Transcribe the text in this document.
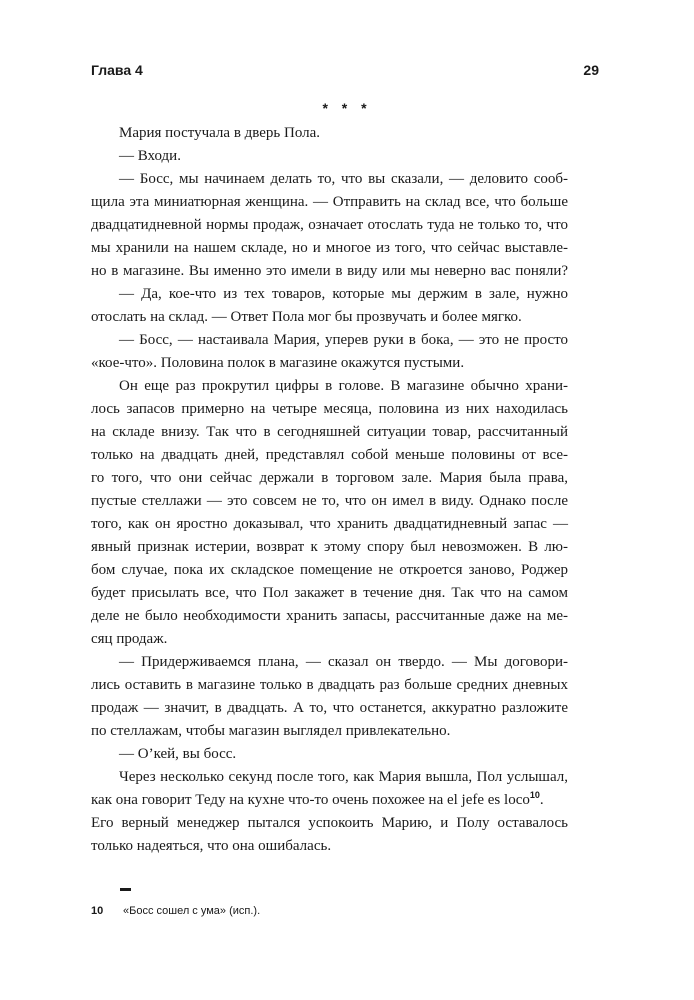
Глава 4	29
* * *
Мария постучала в дверь Пола.
— Входи.
— Босс, мы начинаем делать то, что вы сказали, — деловито сооб-
щила эта миниатюрная женщина. — Отправить на склад все, что больше
двадцатидневной нормы продаж, означает отослать туда не только то, что
мы хранили на нашем складе, но и многое из того, что сейчас выставле-
но в магазине. Вы именно это имели в виду или мы неверно вас поняли?
— Да, кое-что из тех товаров, которые мы держим в зале, нужно
отослать на склад. — Ответ Пола мог бы прозвучать и более мягко.
— Босс, — настаивала Мария, уперев руки в бока, — это не просто
«кое-что». Половина полок в магазине окажутся пустыми.
Он еще раз прокрутил цифры в голове. В магазине обычно храни-
лось запасов примерно на четыре месяца, половина из них находилась
на складе внизу. Так что в сегодняшней ситуации товар, рассчитанный
только на двадцать дней, представлял собой меньше половины от все-
го того, что они сейчас держали в торговом зале. Мария была права,
пустые стеллажи — это совсем не то, что он имел в виду. Однако после
того, как он яростно доказывал, что хранить двадцатидневный запас —
явный признак истерии, возврат к этому спору был невозможен. В лю-
бом случае, пока их складское помещение не откроется заново, Роджер
будет присылать все, что Пол закажет в течение дня. Так что на самом
деле не было необходимости хранить запасы, рассчитанные даже на ме-
сяц продаж.
— Придерживаемся плана, — сказал он твердо. — Мы договори-
лись оставить в магазине только в двадцать раз больше средних дневных
продаж — значит, в двадцать. А то, что останется, аккуратно разложите
по стеллажам, чтобы магазин выглядел привлекательно.
— О’кей, вы босс.
Через несколько секунд после того, как Мария вышла, Пол услышал,
как она говорит Теду на кухне что-то очень похожее на el jefe es loco$^{10}$.
Его верный менеджер пытался успокоить Марию, и Полу оставалось
только надеяться, что она ошибалась.
10 «Босс сошел с ума» (исп.).
